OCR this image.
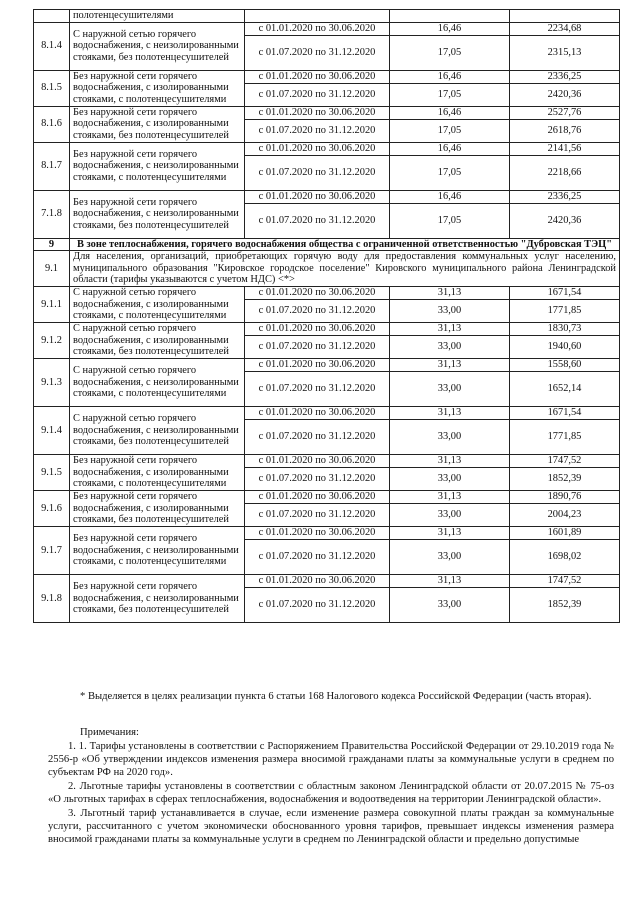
	полотенцесушителями			
8.1.4	С наружной сетью горячего водоснабжения, с неизолированными стояками, без полотенцесушителей	с 01.01.2020 по 30.06.2020	16,46	2234,68
		с 01.07.2020 по 31.12.2020	17,05	2315,13
8.1.5	Без наружной сети горячего водоснабжения, с изолированными стояками, с полотенцесушителями	с 01.01.2020 по 30.06.2020	16,46	2336,25
		с 01.07.2020 по 31.12.2020	17,05	2420,36
8.1.6	Без наружной сети горячего водоснабжения, с изолированными стояками, без полотенцесушителей	с 01.01.2020 по 30.06.2020	16,46	2527,76
		с 01.07.2020 по 31.12.2020	17,05	2618,76
8.1.7	Без наружной сети горячего водоснабжения, с неизолированными стояками, с полотенцесушителями	с 01.01.2020 по 30.06.2020	16,46	2141,56
		с 01.07.2020 по 31.12.2020	17,05	2218,66
7.1.8	Без наружной сети горячего водоснабжения, с неизолированными стояками, без полотенцесушителей	с 01.01.2020 по 30.06.2020	16,46	2336,25
		с 01.07.2020 по 31.12.2020	17,05	2420,36
9	В зоне теплоснабжения, горячего водоснабжения общества с ограниченной ответственностью "Дубровская ТЭЦ"			
9.1	Для населения, организаций, приобретающих горячую воду для предоставления коммунальных услуг населению, муниципального образования "Кировское городское поселение" Кировского муниципального района Ленинградской области (тарифы указываются с учетом НДС) <*>			
9.1.1	С наружной сетью горячего водоснабжения, с изолированными стояками, с полотенцесушителями	с 01.01.2020 по 30.06.2020	31,13	1671,54
		с 01.07.2020 по 31.12.2020	33,00	1771,85
9.1.2	С наружной сетью горячего водоснабжения, с изолированными стояками, без полотенцесушителей	с 01.01.2020 по 30.06.2020	31,13	1830,73
		с 01.07.2020 по 31.12.2020	33,00	1940,60
9.1.3	С наружной сетью горячего водоснабжения, с неизолированными стояками, с полотенцесушителями	с 01.01.2020 по 30.06.2020	31,13	1558,60
		с 01.07.2020 по 31.12.2020	33,00	1652,14
9.1.4	С наружной сетью горячего водоснабжения, с неизолированными стояками, без полотенцесушителей	с 01.01.2020 по 30.06.2020	31,13	1671,54
		с 01.07.2020 по 31.12.2020	33,00	1771,85
9.1.5	Без наружной сети горячего водоснабжения, с изолированными стояками, с полотенцесушителями	с 01.01.2020 по 30.06.2020	31,13	1747,52
		с 01.07.2020 по 31.12.2020	33,00	1852,39
9.1.6	Без наружной сети горячего водоснабжения, с изолированными стояками, без полотенцесушителей	с 01.01.2020 по 30.06.2020	31,13	1890,76
		с 01.07.2020 по 31.12.2020	33,00	2004,23
9.1.7	Без наружной сети горячего водоснабжения, с неизолированными стояками, с полотенцесушителями	с 01.01.2020 по 30.06.2020	31,13	1601,89
		с 01.07.2020 по 31.12.2020	33,00	1698,02
9.1.8	Без наружной сети горячего водоснабжения, с неизолированными стояками, без полотенцесушителей	с 01.01.2020 по 30.06.2020	31,13	1747,52
		с 01.07.2020 по 31.12.2020	33,00	1852,39
* Выделяется в целях реализации пункта 6 статьи 168 Налогового кодекса Российской Федерации (часть вторая).
Примечания:
1. 1. Тарифы установлены в соответствии с Распоряжением Правительства Российской Федерации от 29.10.2019 года № 2556-р «Об утверждении индексов изменения размера вносимой гражданами платы за коммунальные услуги в среднем по субъектам РФ на 2020 год».
2. Льготные тарифы установлены в соответствии с областным законом Ленинградской области от 20.07.2015 № 75-оз «О льготных тарифах в сферах теплоснабжения, водоснабжения и водоотведения на территории Ленинградской области».
3. Льготный тариф устанавливается в случае, если изменение размера совокупной платы граждан за коммунальные услуги, рассчитанного с учетом экономически обоснованного уровня тарифов, превышает индексы изменения размера вносимой гражданами платы за коммунальные услуги в среднем по Ленинградской области и предельно допустимые
